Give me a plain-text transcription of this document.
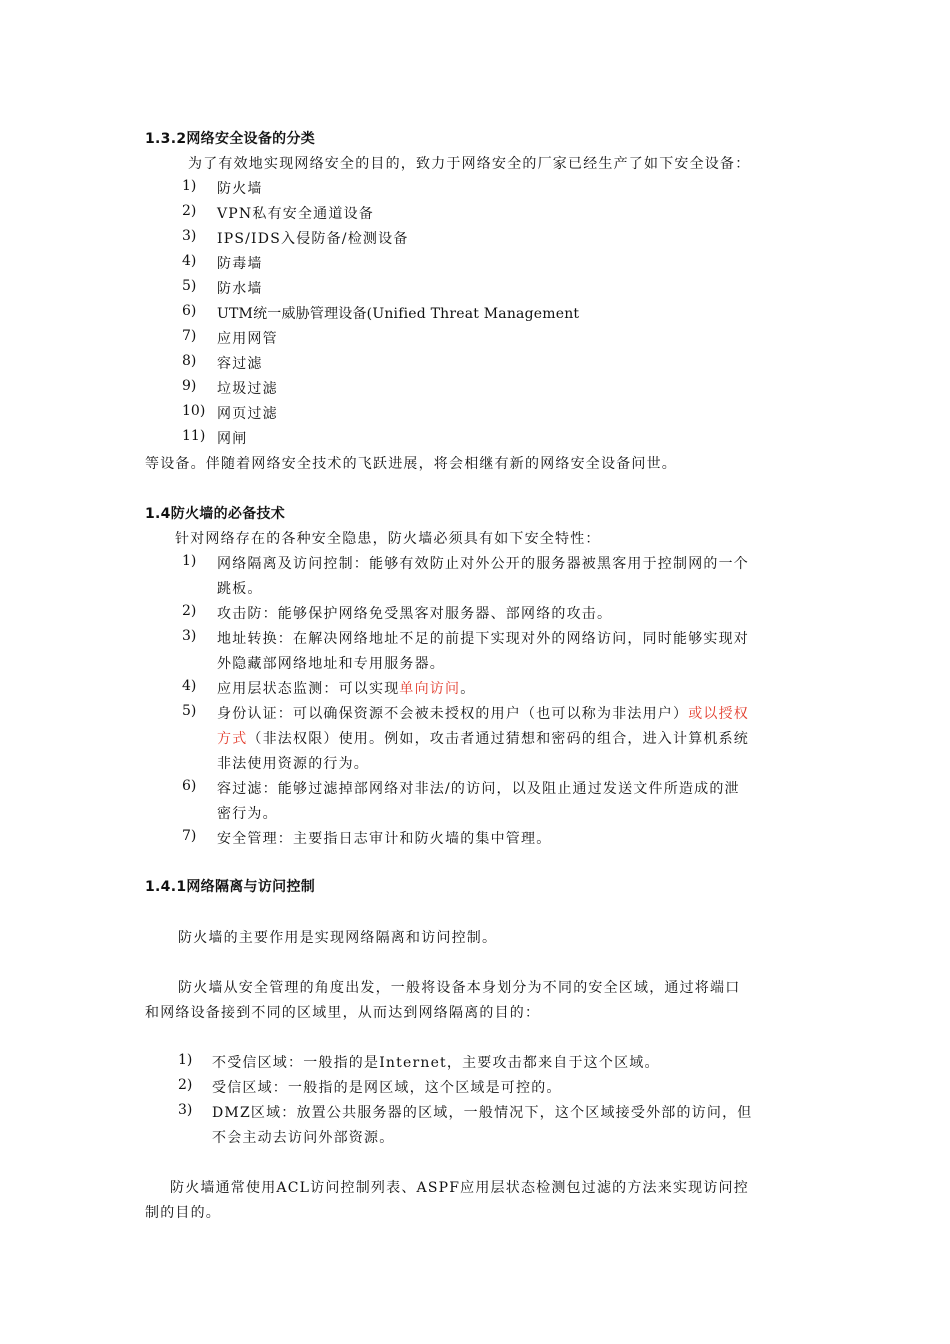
1.3.2网络安全设备的分类
为了有效地实现网络安全的目的，致力于网络安全的厂家已经生产了如下安全设备：
1) 防火墙
2) VPN私有安全通道设备
3) IPS/IDS入侵防备/检测设备
4) 防毒墙
5) 防水墙
6) UTM统一威胁管理设备(Unified Threat Management
7) 应用网管
8) 容过滤
9) 垃圾过滤
10) 网页过滤
11) 网闸
等设备。伴随着网络安全技术的飞跃进展，将会相继有新的网络安全设备问世。
1.4防火墙的必备技术
针对网络存在的各种安全隐患，防火墙必须具有如下安全特性：
1) 网络隔离及访问控制：能够有效防止对外公开的服务器被黑客用于控制网的一个
跳板。
2) 攻击防：能够保护网络免受黑客对服务器、部网络的攻击。
3) 地址转换：在解决网络地址不足的前提下实现对外的网络访问，同时能够实现对
外隐藏部网络地址和专用服务器。
4) 应用层状态监测：可以实现单向访问。
5) 身份认证：可以确保资源不会被未授权的用户（也可以称为非法用户）或以授权
方式（非法权限）使用。例如，攻击者通过猜想和密码的组合，进入计算机系统
非法使用资源的行为。
6) 容过滤：能够过滤掉部网络对非法/的访问，以及阻止通过发送文件所造成的泄
密行为。
7) 安全管理：主要指日志审计和防火墙的集中管理。
1.4.1网络隔离与访问控制
防火墙的主要作用是实现网络隔离和访问控制。
防火墙从安全管理的角度出发，一般将设备本身划分为不同的安全区域，通过将端口
和网络设备接到不同的区域里，从而达到网络隔离的目的：
1) 不受信区域：一般指的是Internet，主要攻击都来自于这个区域。
2) 受信区域：一般指的是网区域，这个区域是可控的。
3) DMZ区域：放置公共服务器的区域，一般情况下，这个区域接受外部的访问，但
不会主动去访问外部资源。
防火墙通常使用ACL访问控制列表、ASPF应用层状态检测包过滤的方法来实现访问控
制的目的。
